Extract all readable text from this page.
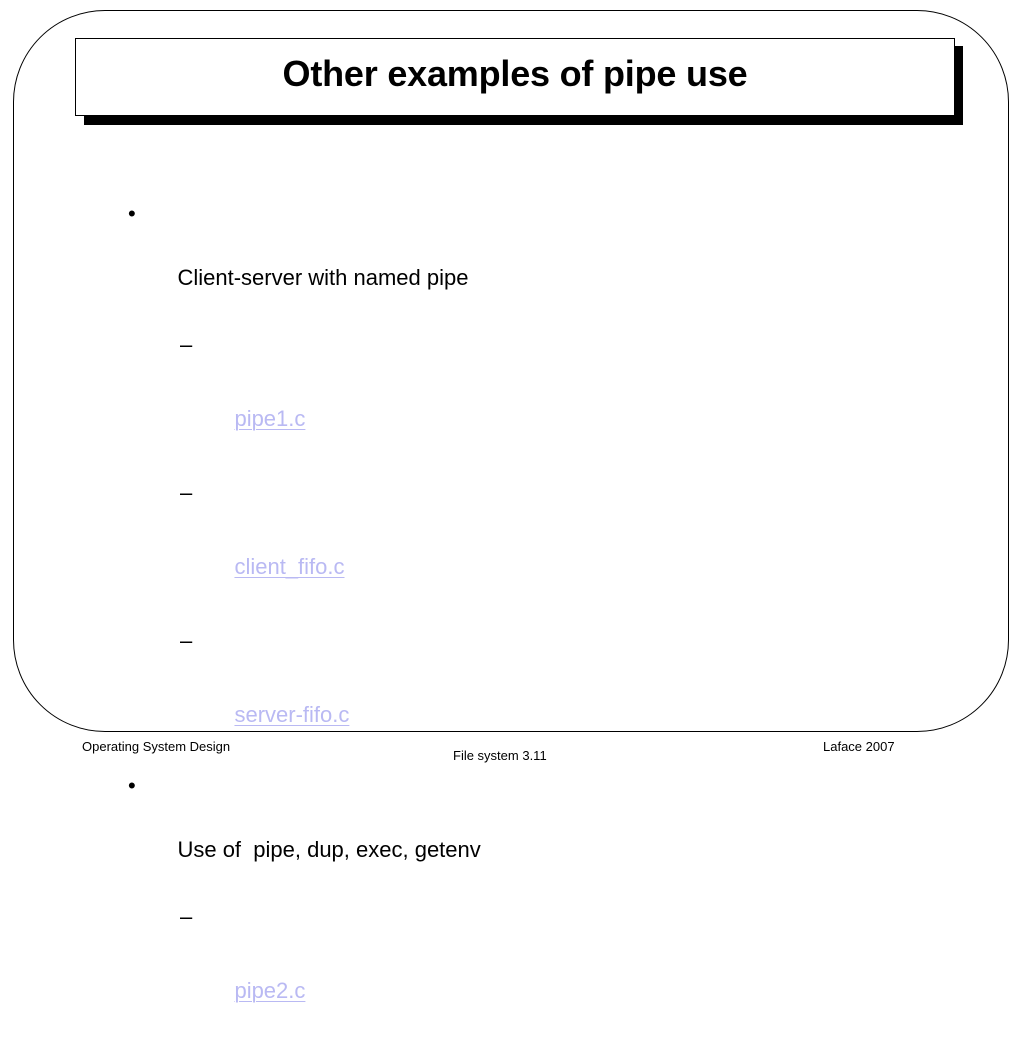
Other examples of pipe use

•

Client-server with named pipe

–

pipe1.c

–

client_fifo.c

–

server-fifo.c

•

Use of  pipe, dup, exec, getenv

–

pipe2.c

Operating System Design
File system 3.11
Laface 2007
